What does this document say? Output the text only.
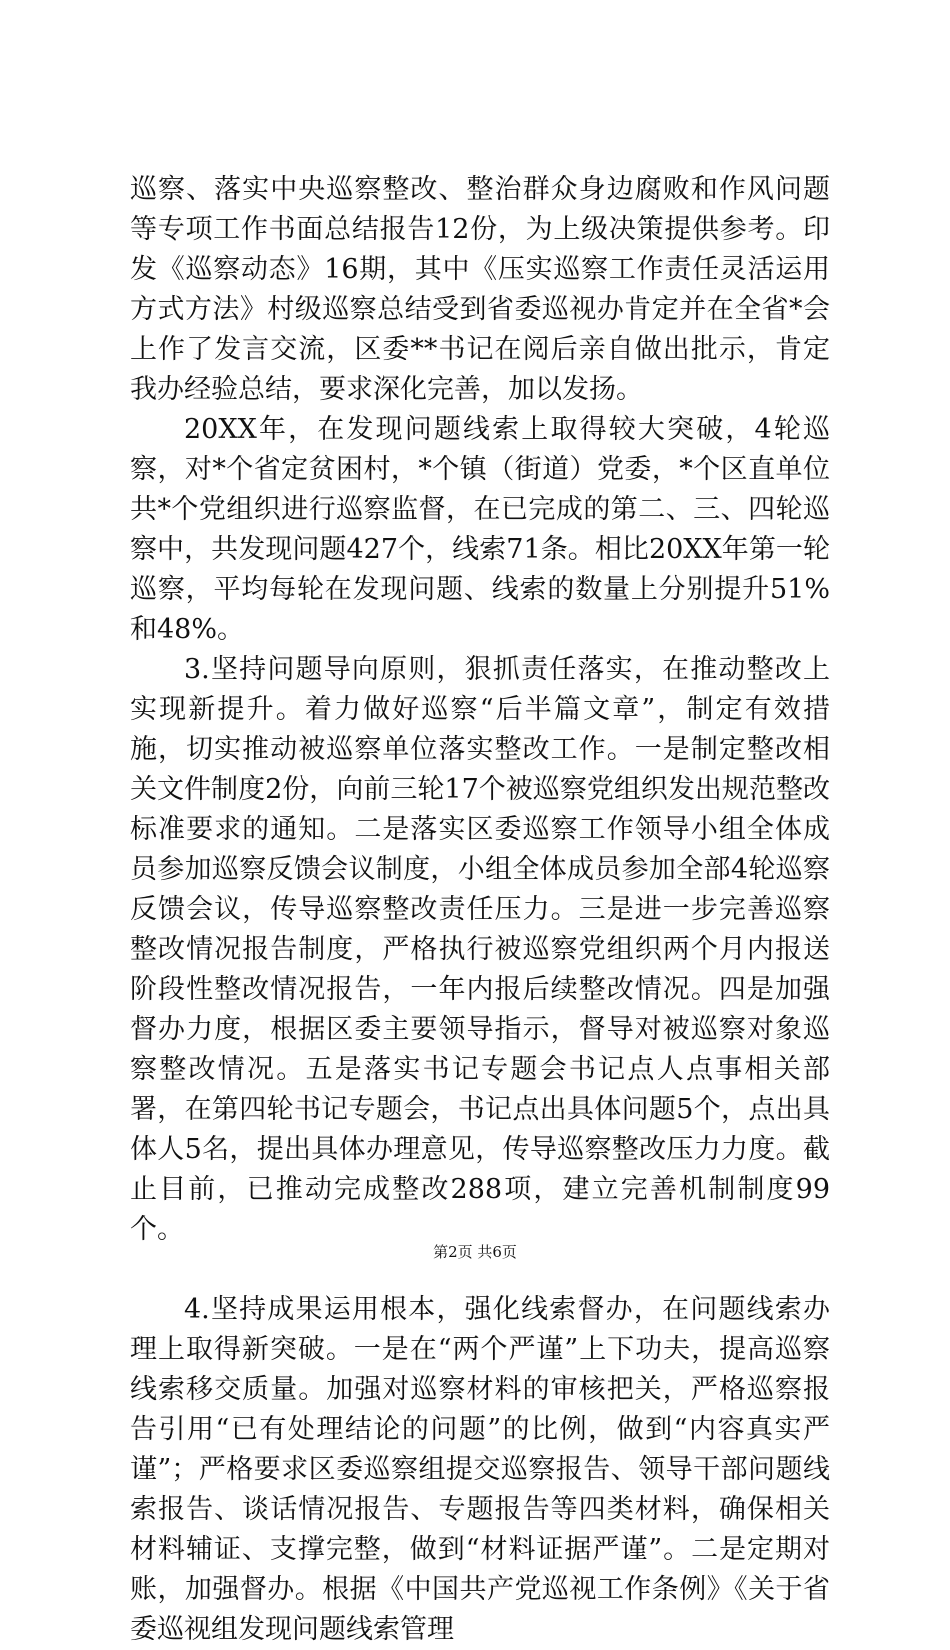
巡察、落实中央巡察整改、整治群众身边腐败和作风问题等专项工作书面总结报告12份，为上级决策提供参考。印发《巡察动态》16期，其中《压实巡察工作责任灵活运用方式方法》村级巡察总结受到省委巡视办肯定并在全省*会上作了发言交流，区委**书记在阅后亲自做出批示，肯定我办经验总结，要求深化完善，加以发扬。

20XX年，在发现问题线索上取得较大突破，4轮巡察，对*个省定贫困村，*个镇（街道）党委，*个区直单位共*个党组织进行巡察监督，在已完成的第二、三、四轮巡察中，共发现问题427个，线索71条。相比20XX年第一轮巡察，平均每轮在发现问题、线索的数量上分别提升51%和48%。

3.坚持问题导向原则，狠抓责任落实，在推动整改上实现新提升。着力做好巡察“后半篇文章”，制定有效措施，切实推动被巡察单位落实整改工作。一是制定整改相关文件制度2份，向前三轮17个被巡察党组织发出规范整改标准要求的通知。二是落实区委巡察工作领导小组全体成员参加巡察反馈会议制度，小组全体成员参加全部4轮巡察反馈会议，传导巡察整改责任压力。三是进一步完善巡察整改情况报告制度，严格执行被巡察党组织两个月内报送阶段性整改情况报告，一年内报后续整改情况。四是加强督办力度，根据区委主要领导指示，督导对被巡察对象巡察整改情况。五是落实书记专题会书记点人点事相关部署，在第四轮书记专题会，书记点出具体问题5个，点出具体人5名，提出具体办理意见，传导巡察整改压力力度。截止目前，已推动完成整改288项，建立完善机制制度99个。

4.坚持成果运用根本，强化线索督办，在问题线索办理上取得新突破。一是在“两个严谨”上下功夫，提高巡察线索移交质量。加强对巡察材料的审核把关，严格巡察报告引用“已有处理结论的问题”的比例，做到“内容真实严谨”；严格要求区委巡察组提交巡察报告、领导干部问题线索报告、谈话情况报告、专题报告等四类材料，确保相关材料辅证、支撑完整，做到“材料证据严谨”。二是定期对账，加强督办。根据《中国共产党巡视工作条例》《关于省委巡视组发现问题线索管理

第2页 共6页
